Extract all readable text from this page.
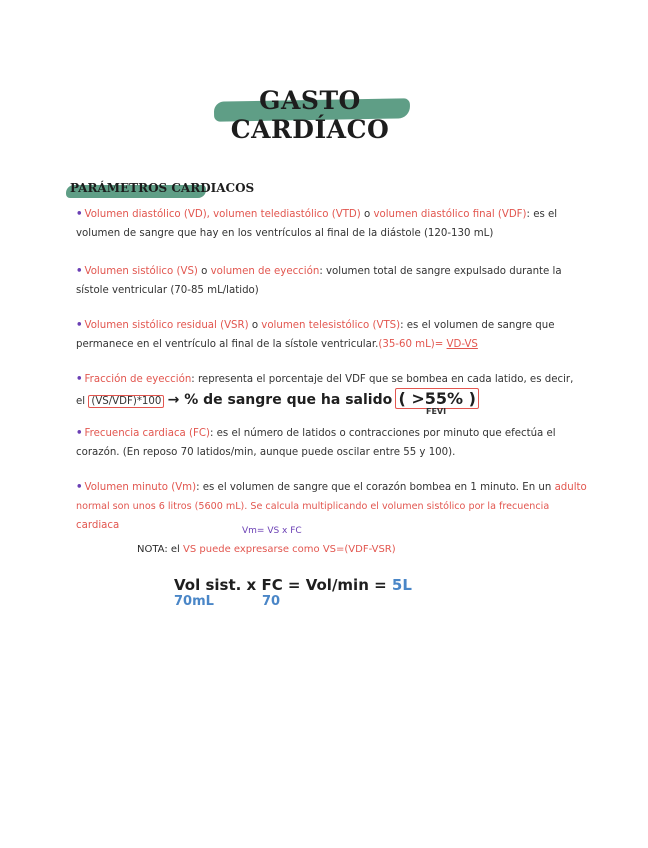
GASTO CARDÍACO
PARÁMETROS CARDIACOS
• Volumen diastólico (VD), volumen telediastólico (VTD) o volumen diastólico final (VDF): es el
volumen de sangre que hay en los ventrículos al final de la diástole (120-130 mL)
• Volumen sistólico (VS) o volumen de eyección: volumen total de sangre expulsado durante la
sístole ventricular (70-85 mL/latido)
• Volumen sistólico residual (VSR) o volumen telesistólico (VTS): es el volumen de sangre que
permanece en el ventrículo al final de la sístole ventricular.(35-60 mL)= VD-VS
• Fracción de eyección: representa el porcentaje del VDF que se bombea en cada latido, es decir,
el (VS/VDF)*100 → % de sangre que ha salido ( >55% )
FEVI
• Frecuencia cardiaca (FC): es el número de latidos o contracciones por minuto que efectúa el
corazón. (En reposo 70 latidos/min, aunque puede oscilar entre 55 y 100).
• Volumen minuto (Vm): es el volumen de sangre que el corazón bombea en 1 minuto. En un adulto
normal son unos 6 litros (5600 mL). Se calcula multiplicando el volumen sistólico por la frecuencia
cardiaca	Vm= VS x FC
NOTA: el VS puede expresarse como VS=(VDF-VSR)
Vol sist. x FC = Vol/min = 5L
70mL	70
